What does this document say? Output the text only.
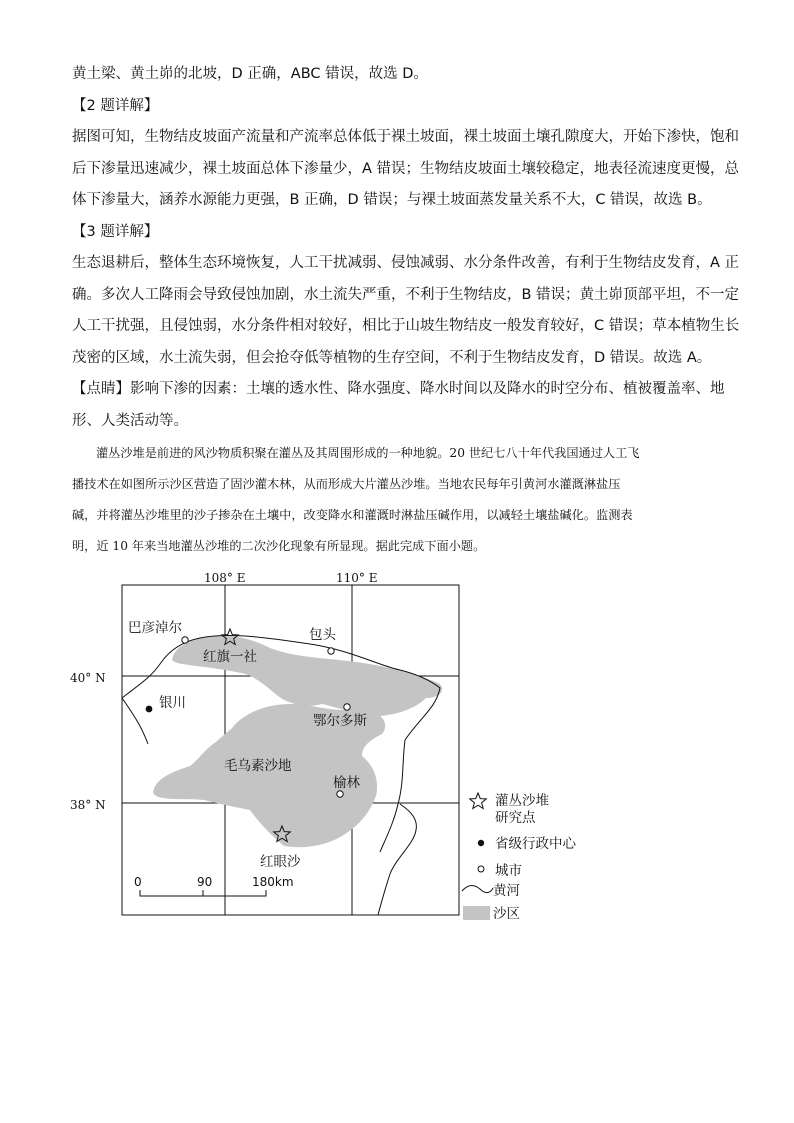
黄土梁、黄土峁的北坡，D 正确，ABC 错误，故选 D。
【2 题详解】
据图可知，生物结皮坡面产流量和产流率总体低于裸土坡面，裸土坡面土壤孔隙度大，开始下渗快，饱和
后下渗量迅速减少，裸土坡面总体下渗量少，A 错误；生物结皮坡面土壤较稳定，地表径流速度更慢，总
体下渗量大，涵养水源能力更强，B 正确，D 错误；与裸土坡面蒸发量关系不大，C 错误，故选 B。
【3 题详解】
生态退耕后，整体生态环境恢复，人工干扰减弱、侵蚀减弱、水分条件改善，有利于生物结皮发育，A 正
确。多次人工降雨会导致侵蚀加剧，水土流失严重，不利于生物结皮，B 错误；黄土峁顶部平坦，不一定
人工干扰强，且侵蚀弱，水分条件相对较好，相比于山坡生物结皮一般发育较好，C 错误；草本植物生长
茂密的区域，水土流失弱，但会抢夺低等植物的生存空间，不利于生物结皮发育，D 错误。故选 A。
【点睛】影响下渗的因素：土壤的透水性、降水强度、降水时间以及降水的时空分布、植被覆盖率、地
形、人类活动等。
灌丛沙堆是前进的风沙物质积聚在灌丛及其周围形成的一种地貌。20 世纪七八十年代我国通过人工飞
播技术在如图所示沙区营造了固沙灌木林，从而形成大片灌丛沙堆。当地农民每年引黄河水灌溉淋盐压
碱，并将灌丛沙堆里的沙子掺杂在土壤中，改变降水和灌溉时淋盐压碱作用，以减轻土壤盐碱化。监测表
明，近 10 年来当地灌丛沙堆的二次沙化现象有所显现。据此完成下面小题。
108° E	110° E
40° N
38° N
巴彦淖尔
红旗一社
包头
银川
鄂尔多斯
毛乌素沙地
榆林
红眼沙
0	90	180km
灌丛沙堆
研究点
省级行政中心
城市
黄河
沙区
